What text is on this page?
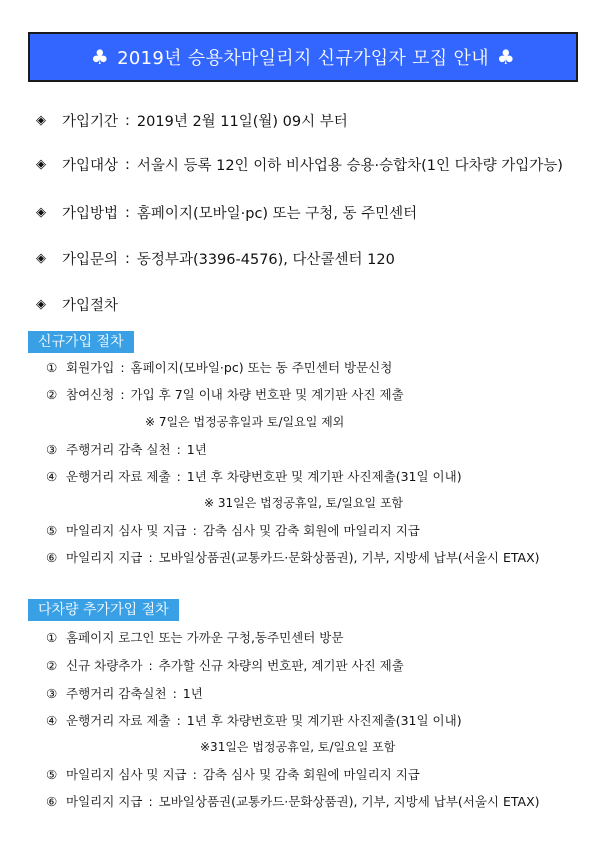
♣ 2019년 승용차마일리지 신규가입자 모집 안내 ♣
◈	가입기간 : 2019년 2월 11일(월) 09시 부터
◈	가입대상 : 서울시 등록 12인 이하 비사업용 승용·승합차(1인 다차량 가입가능)
◈	가입방법 : 홈페이지(모바일·pc) 또는 구청, 동 주민센터
◈	가입문의 : 동정부과(3396-4576), 다산콜센터 120
◈	가입절차
신규가입 절차
① 회원가입 : 홈페이지(모바일·pc) 또는 동 주민센터 방문신청
② 참여신청 : 가입 후 7일 이내 차량 번호판 및 계기판 사진 제출
※ 7일은 법정공휴일과 토/일요일 제외
③ 주행거리 감축 실천 : 1년
④ 운행거리 자료 제출 : 1년 후 차량번호판 및 계기판 사진제출(31일 이내)
※ 31일은 법정공휴일, 토/일요일 포함
⑤ 마일리지 심사 및 지급 : 감축 심사 및 감축 회원에 마일리지 지급
⑥ 마일리지 지급 : 모바일상품권(교통카드·문화상품권), 기부, 지방세 납부(서울시 ETAX)
다차량 추가가입 절차
① 홈페이지 로그인 또는 가까운 구청,동주민센터 방문
② 신규 차량추가 : 추가할 신규 차량의 번호판, 계기판 사진 제출
③ 주행거리 감축실천 : 1년
④ 운행거리 자료 제출 : 1년 후 차량번호판 및 계기판 사진제출(31일 이내)
※31일은 법정공휴일, 토/일요일 포함
⑤ 마일리지 심사 및 지급 : 감축 심사 및 감축 회원에 마일리지 지급
⑥ 마일리지 지급 : 모바일상품권(교통카드·문화상품권), 기부, 지방세 납부(서울시 ETAX)
